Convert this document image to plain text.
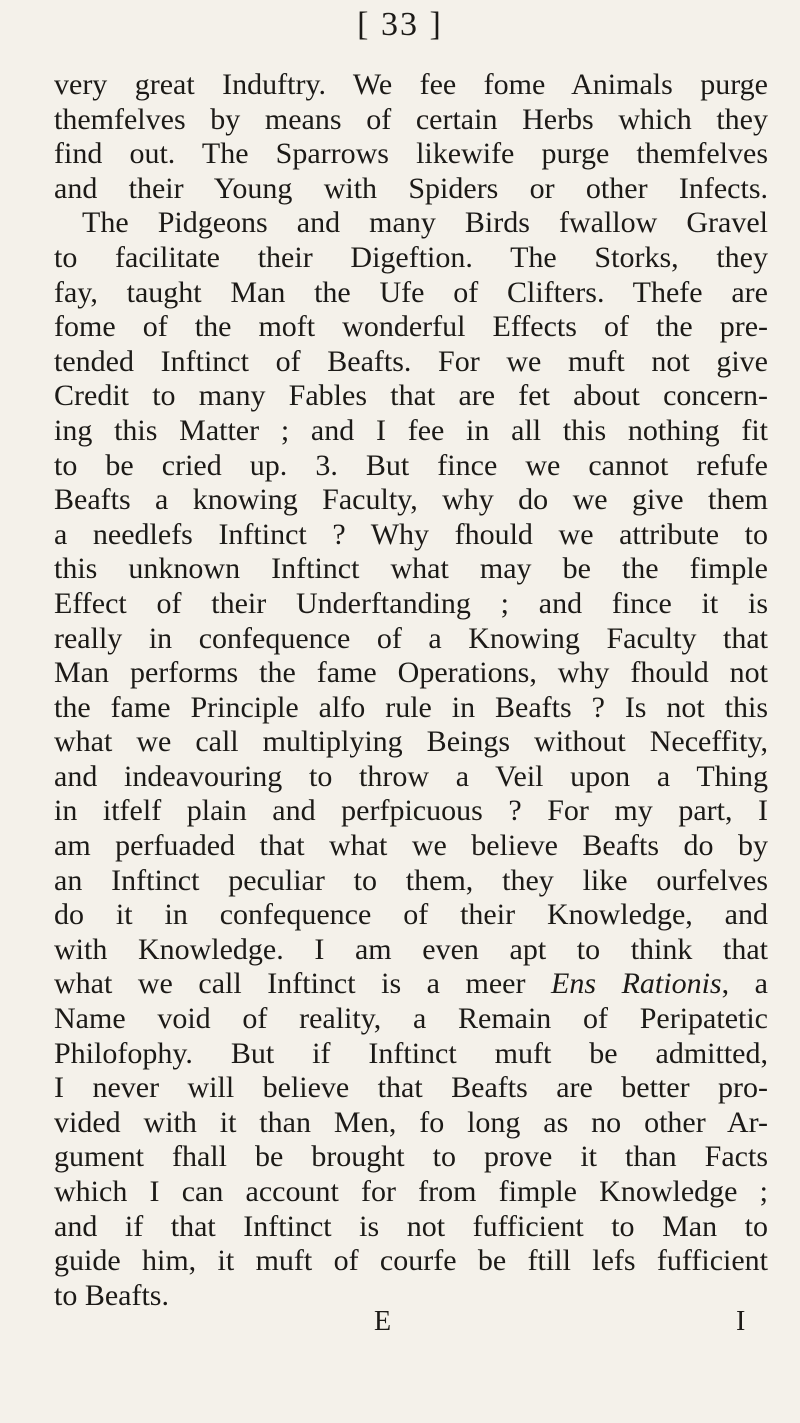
[ 33 ]
very great Induftry. We fee fome Animals purge
themfelves by means of certain Herbs which they
find out. The Sparrows likewife purge themfelves
and their Young with Spiders or other Infects.
The Pidgeons and many Birds fwallow Gravel
to facilitate their Digeftion. The Storks, they
fay, taught Man the Ufe of Clifters. Thefe are
fome of the moft wonderful Effects of the pre-
tended Inftinct of Beafts. For we muft not give
Credit to many Fables that are fet about concern-
ing this Matter ; and I fee in all this nothing fit
to be cried up. 3. But fince we cannot refufe
Beafts a knowing Faculty, why do we give them
a needlefs Inftinct ? Why fhould we attribute to
this unknown Inftinct what may be the fimple
Effect of their Underftanding ; and fince it is
really in confequence of a Knowing Faculty that
Man performs the fame Operations, why fhould not
the fame Principle alfo rule in Beafts ? Is not this
what we call multiplying Beings without Neceffity,
and indeavouring to throw a Veil upon a Thing
in itfelf plain and perfpicuous ? For my part, I
am perfuaded that what we believe Beafts do by
an Inftinct peculiar to them, they like ourfelves
do it in confequence of their Knowledge, and
with Knowledge. I am even apt to think that
what we call Inftinct is a meer Ens Rationis, a
Name void of reality, a Remain of Peripatetic
Philofophy. But if Inftinct muft be admitted,
I never will believe that Beafts are better pro-
vided with it than Men, fo long as no other Ar-
gument fhall be brought to prove it than Facts
which I can account for from fimple Knowledge ;
and if that Inftinct is not fufficient to Man to
guide him, it muft of courfe be ftill lefs fufficient
to Beafts.
E	I
